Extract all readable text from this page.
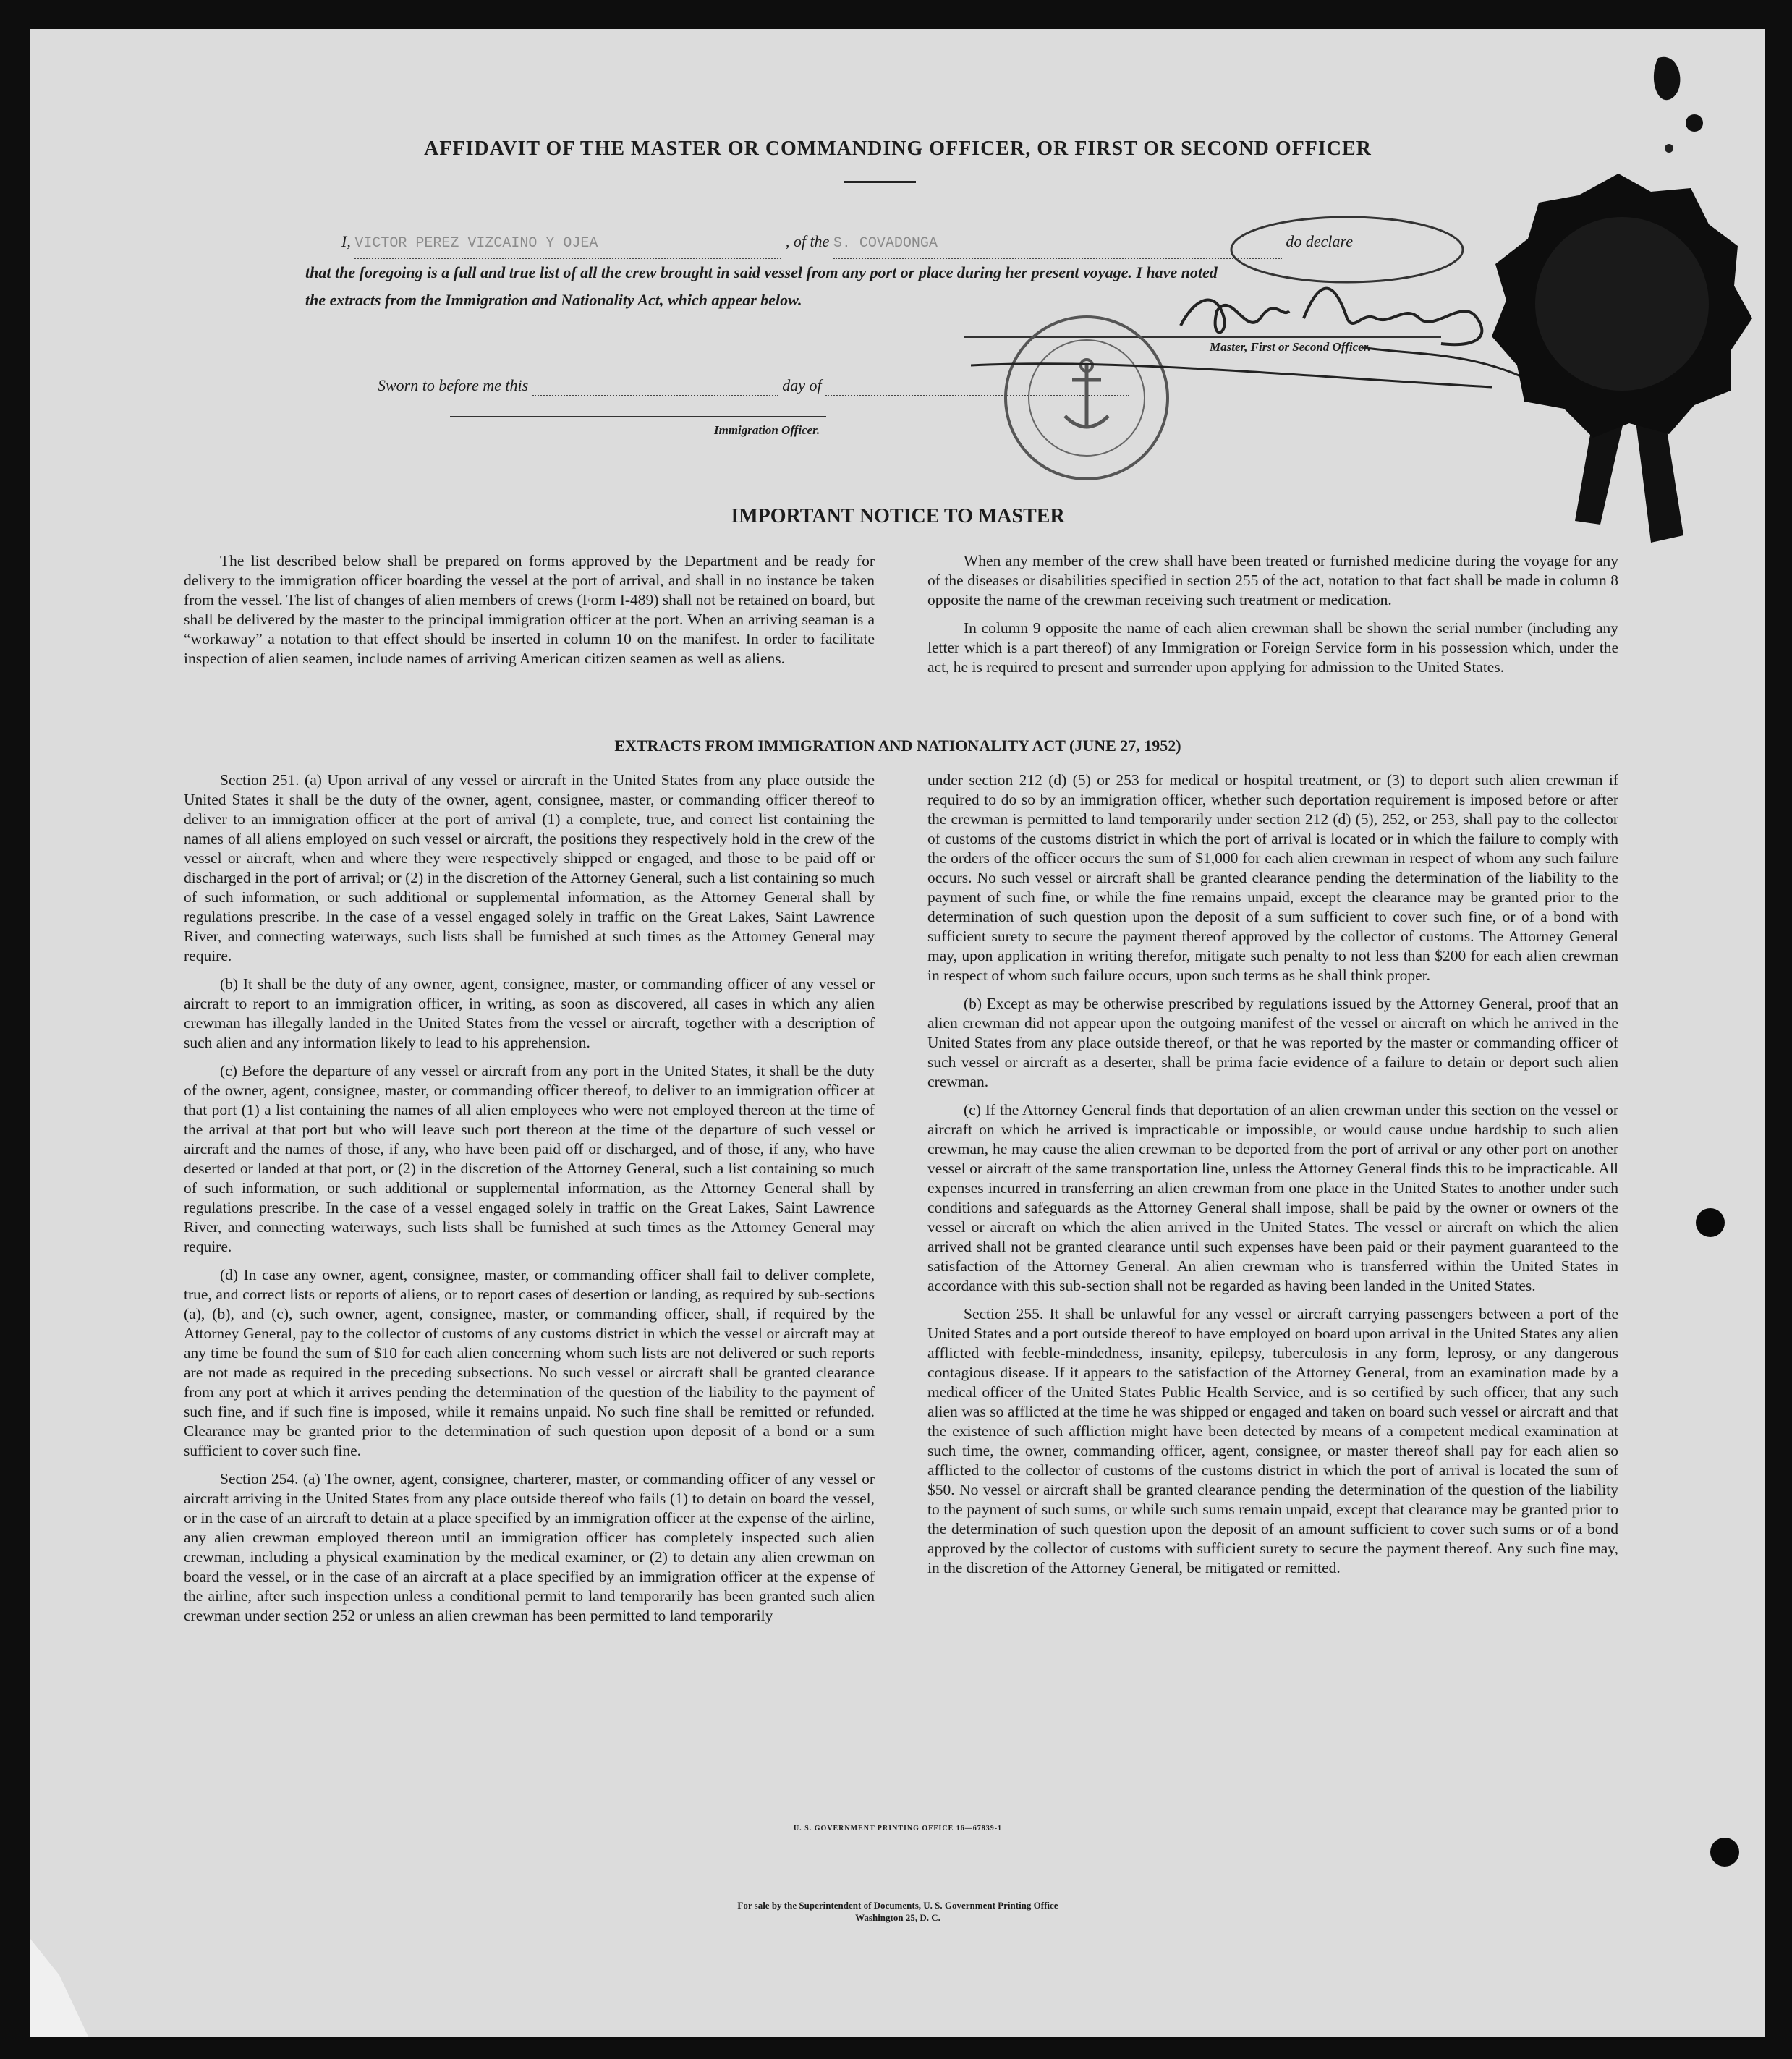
AFFIDAVIT OF THE MASTER OR COMMANDING OFFICER, OR FIRST OR SECOND OFFICER
I, VICTOR PEREZ VIZCAINO Y OJEA	, of the S. COVADONGA	do declare
that the foregoing is a full and true list of all the crew brought in said vessel from any port or place during her present voyage. I have noted
the extracts from the Immigration and Nationality Act, which appear below.
Sworn to before me this	day of
Immigration Officer.
Master, First or Second Officer.
IMPORTANT NOTICE TO MASTER

The list described below shall be prepared on forms approved by the Department and be ready for delivery to the immigration officer boarding the vessel at the port of arrival, and shall in no instance be taken from the vessel. The list of changes of alien members of crews (Form I-489) shall not be retained on board, but shall be delivered by the master to the principal immigration officer at the port. When an arriving seaman is a “workaway” a notation to that effect should be inserted in column 10 on the manifest. In order to facilitate inspection of alien seamen, include names of arriving American citizen seamen as well as aliens.

When any member of the crew shall have been treated or furnished medicine during the voyage for any of the diseases or disabilities specified in section 255 of the act, notation to that fact shall be made in column 8 opposite the name of the crewman receiving such treatment or medication.

In column 9 opposite the name of each alien crewman shall be shown the serial number (including any letter which is a part thereof) of any Immigration or Foreign Service form in his possession which, under the act, he is required to present and surrender upon applying for admission to the United States.

EXTRACTS FROM IMMIGRATION AND NATIONALITY ACT (JUNE 27, 1952)

Section 251. (a) Upon arrival of any vessel or aircraft in the United States from any place outside the United States it shall be the duty of the owner, agent, consignee, master, or commanding officer thereof to deliver to an immigration officer at the port of arrival (1) a complete, true, and correct list containing the names of all aliens employed on such vessel or aircraft, the positions they respectively hold in the crew of the vessel or aircraft, when and where they were respectively shipped or engaged, and those to be paid off or discharged in the port of arrival; or (2) in the discretion of the Attorney General, such a list containing so much of such information, or such additional or supplemental information, as the Attorney General shall by regulations prescribe. In the case of a vessel engaged solely in traffic on the Great Lakes, Saint Lawrence River, and connecting waterways, such lists shall be furnished at such times as the Attorney General may require.

(b) It shall be the duty of any owner, agent, consignee, master, or commanding officer of any vessel or aircraft to report to an immigration officer, in writing, as soon as discovered, all cases in which any alien crewman has illegally landed in the United States from the vessel or aircraft, together with a description of such alien and any information likely to lead to his apprehension.

(c) Before the departure of any vessel or aircraft from any port in the United States, it shall be the duty of the owner, agent, consignee, master, or commanding officer thereof, to deliver to an immigration officer at that port (1) a list containing the names of all alien employees who were not employed thereon at the time of the arrival at that port but who will leave such port thereon at the time of the departure of such vessel or aircraft and the names of those, if any, who have been paid off or discharged, and of those, if any, who have deserted or landed at that port, or (2) in the discretion of the Attorney General, such a list containing so much of such information, or such additional or supplemental information, as the Attorney General shall by regulations prescribe. In the case of a vessel engaged solely in traffic on the Great Lakes, Saint Lawrence River, and connecting waterways, such lists shall be furnished at such times as the Attorney General may require.

(d) In case any owner, agent, consignee, master, or commanding officer shall fail to deliver complete, true, and correct lists or reports of aliens, or to report cases of desertion or landing, as required by sub-sections (a), (b), and (c), such owner, agent, consignee, master, or commanding officer, shall, if required by the Attorney General, pay to the collector of customs of any customs district in which the vessel or aircraft may at any time be found the sum of $10 for each alien concerning whom such lists are not delivered or such reports are not made as required in the preceding subsections. No such vessel or aircraft shall be granted clearance from any port at which it arrives pending the determination of the question of the liability to the payment of such fine, and if such fine is imposed, while it remains unpaid. No such fine shall be remitted or refunded. Clearance may be granted prior to the determination of such question upon deposit of a bond or a sum sufficient to cover such fine.

Section 254. (a) The owner, agent, consignee, charterer, master, or commanding officer of any vessel or aircraft arriving in the United States from any place outside thereof who fails (1) to detain on board the vessel, or in the case of an aircraft to detain at a place specified by an immigration officer at the expense of the airline, any alien crewman employed thereon until an immigration officer has completely inspected such alien crewman, including a physical examination by the medical examiner, or (2) to detain any alien crewman on board the vessel, or in the case of an aircraft at a place specified by an immigration officer at the expense of the airline, after such inspection unless a conditional permit to land temporarily has been granted such alien crewman under section 252 or unless an alien crewman has been permitted to land temporarily

under section 212 (d) (5) or 253 for medical or hospital treatment, or (3) to deport such alien crewman if required to do so by an immigration officer, whether such deportation requirement is imposed before or after the crewman is permitted to land temporarily under section 212 (d) (5), 252, or 253, shall pay to the collector of customs of the customs district in which the port of arrival is located or in which the failure to comply with the orders of the officer occurs the sum of $1,000 for each alien crewman in respect of whom any such failure occurs. No such vessel or aircraft shall be granted clearance pending the determination of the liability to the payment of such fine, or while the fine remains unpaid, except the clearance may be granted prior to the determination of such question upon the deposit of a sum sufficient to cover such fine, or of a bond with sufficient surety to secure the payment thereof approved by the collector of customs. The Attorney General may, upon application in writing therefor, mitigate such penalty to not less than $200 for each alien crewman in respect of whom such failure occurs, upon such terms as he shall think proper.

(b) Except as may be otherwise prescribed by regulations issued by the Attorney General, proof that an alien crewman did not appear upon the outgoing manifest of the vessel or aircraft on which he arrived in the United States from any place outside thereof, or that he was reported by the master or commanding officer of such vessel or aircraft as a deserter, shall be prima facie evidence of a failure to detain or deport such alien crewman.

(c) If the Attorney General finds that deportation of an alien crewman under this section on the vessel or aircraft on which he arrived is impracticable or impossible, or would cause undue hardship to such alien crewman, he may cause the alien crewman to be deported from the port of arrival or any other port on another vessel or aircraft of the same transportation line, unless the Attorney General finds this to be impracticable. All expenses incurred in transferring an alien crewman from one place in the United States to another under such conditions and safeguards as the Attorney General shall impose, shall be paid by the owner or owners of the vessel or aircraft on which the alien arrived in the United States. The vessel or aircraft on which the alien arrived shall not be granted clearance until such expenses have been paid or their payment guaranteed to the satisfaction of the Attorney General. An alien crewman who is transferred within the United States in accordance with this sub-section shall not be regarded as having been landed in the United States.

Section 255. It shall be unlawful for any vessel or aircraft carrying passengers between a port of the United States and a port outside thereof to have employed on board upon arrival in the United States any alien afflicted with feeble-mindedness, insanity, epilepsy, tuberculosis in any form, leprosy, or any dangerous contagious disease. If it appears to the satisfaction of the Attorney General, from an examination made by a medical officer of the United States Public Health Service, and is so certified by such officer, that any such alien was so afflicted at the time he was shipped or engaged and taken on board such vessel or aircraft and that the existence of such affliction might have been detected by means of a competent medical examination at such time, the owner, commanding officer, agent, consignee, or master thereof shall pay for each alien so afflicted to the collector of customs of the customs district in which the port of arrival is located the sum of $50. No vessel or aircraft shall be granted clearance pending the determination of the question of the liability to the payment of such sums, or while such sums remain unpaid, except that clearance may be granted prior to the determination of such question upon the deposit of an amount sufficient to cover such sums or of a bond approved by the collector of customs with sufficient surety to secure the payment thereof. Any such fine may, in the discretion of the Attorney General, be mitigated or remitted.

U. S. GOVERNMENT PRINTING OFFICE 16—67839-1
For sale by the Superintendent of Documents, U. S. Government Printing Office
Washington 25, D. C.
